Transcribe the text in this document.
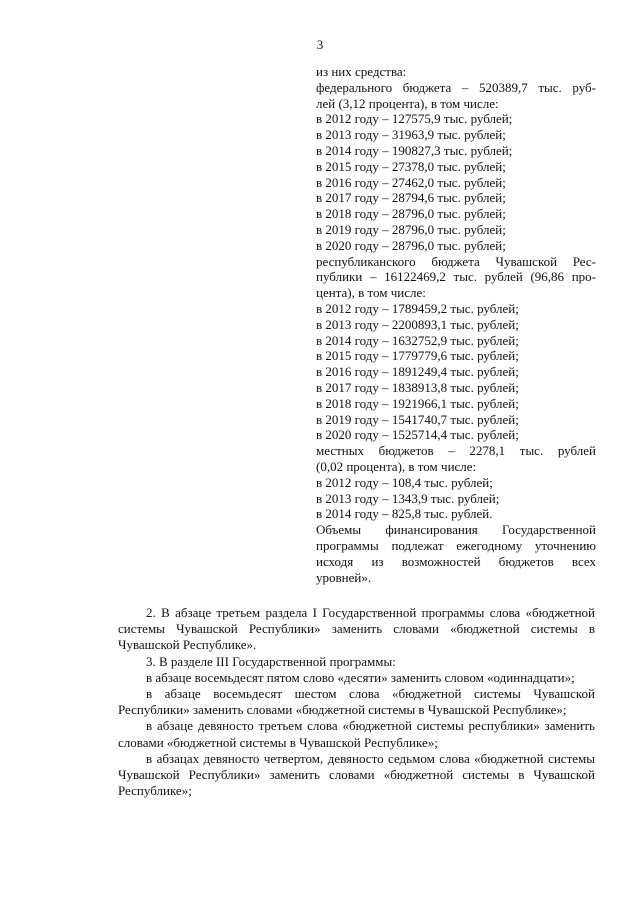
3
из них средства:
федерального бюджета – 520389,7 тыс. руб-
лей (3,12 процента), в том числе:
в 2012 году – 127575,9 тыс. рублей;
в 2013 году – 31963,9 тыс. рублей;
в 2014 году – 190827,3 тыс. рублей;
в 2015 году – 27378,0 тыс. рублей;
в 2016 году – 27462,0 тыс. рублей;
в 2017 году – 28794,6 тыс. рублей;
в 2018 году – 28796,0 тыс. рублей;
в 2019 году – 28796,0 тыс. рублей;
в 2020 году – 28796,0 тыс. рублей;
республиканского бюджета Чувашской Рес-
публики – 16122469,2 тыс. рублей (96,86 про-
цента), в том числе:
в 2012 году – 1789459,2 тыс. рублей;
в 2013 году – 2200893,1 тыс. рублей;
в 2014 году – 1632752,9 тыс. рублей;
в 2015 году – 1779779,6 тыс. рублей;
в 2016 году – 1891249,4 тыс. рублей;
в 2017 году – 1838913,8 тыс. рублей;
в 2018 году – 1921966,1 тыс. рублей;
в 2019 году – 1541740,7 тыс. рублей;
в 2020 году – 1525714,4 тыс. рублей;
местных бюджетов – 2278,1 тыс. рублей
(0,02 процента), в том числе:
в 2012 году – 108,4 тыс. рублей;
в 2013 году – 1343,9 тыс. рублей;
в 2014 году – 825,8 тыс. рублей.
Объемы финансирования Государственной
программы подлежат ежегодному уточнению
исходя из возможностей бюджетов всех
уровней».

2. В абзаце третьем раздела I Государственной программы слова «бюджетной системы Чувашской Республики» заменить словами «бюджетной системы в Чувашской Республике».

3. В разделе III Государственной программы:

в абзаце восемьдесят пятом слово «десяти» заменить словом «одиннадцати»;

в абзаце восемьдесят шестом слова «бюджетной системы Чувашской Республики» заменить словами «бюджетной системы в Чувашской Республике»;

в абзаце девяносто третьем слова «бюджетной системы республики» заменить словами «бюджетной системы в Чувашской Республике»;

в абзацах девяносто четвертом, девяносто седьмом слова «бюджетной системы Чувашской Республики» заменить словами «бюджетной системы в Чувашской Республике»;
